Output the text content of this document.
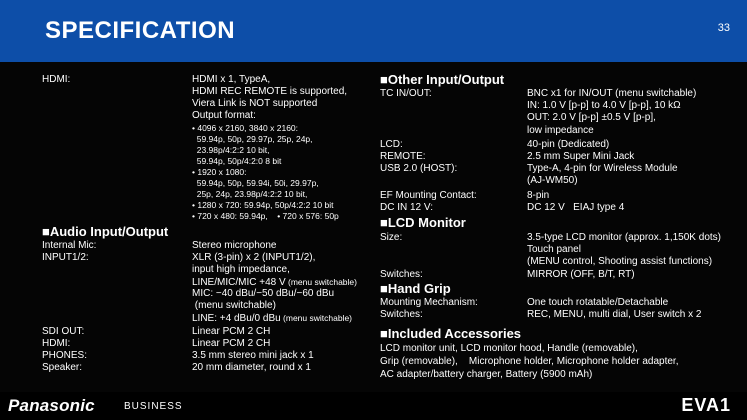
SPECIFICATION	33
HDMI:	HDMI x 1, TypeA,
HDMI REC REMOTE is supported,
Viera Link is NOT supported
Output format:
• 4096 x 2160, 3840 x 2160:
59.94p, 50p, 29.97p, 25p, 24p,
23.98p/4:2:2 10 bit,
59.94p, 50p/4:2:0 8 bit
• 1920 x 1080:
59.94p, 50p, 59.94i, 50i, 29.97p,
25p, 24p, 23.98p/4:2:2 10 bit,
• 1280 x 720: 59.94p, 50p/4:2:2 10 bit
• 720 x 480: 59.94p,    • 720 x 576: 50p
■Audio Input/Output
Internal Mic:	Stereo microphone
INPUT1/2:	XLR (3-pin) x 2 (INPUT1/2),
input high impedance,
LINE/MIC/MIC +48 V (menu switchable)
MIC: −40 dBu/−50 dBu/−60 dBu
(menu switchable)
LINE: +4 dBu/0 dBu (menu switchable)
SDI OUT:	Linear PCM 2 CH
HDMI:	Linear PCM 2 CH
PHONES:	3.5 mm stereo mini jack x 1
Speaker:	20 mm diameter, round x 1
■Other Input/Output
TC IN/OUT:	BNC x1 for IN/OUT (menu switchable)
IN: 1.0 V [p-p] to 4.0 V [p-p], 10 kΩ
OUT: 2.0 V [p-p] ±0.5 V [p-p],
low impedance
LCD:	40-pin (Dedicated)
REMOTE:	2.5 mm Super Mini Jack
USB 2.0 (HOST):	Type-A, 4-pin for Wireless Module
(AJ-WM50)
EF Mounting Contact:	8-pin
DC IN 12 V:	DC 12 V   EIAJ type 4
■LCD Monitor
Size:	3.5-type LCD monitor (approx. 1,150K dots)
Touch panel
(MENU control, Shooting assist functions)
Switches:	MIRROR (OFF, B/T, RT)
■Hand Grip
Mounting Mechanism:	One touch rotatable/Detachable
Switches:	REC, MENU, multi dial, User switch x 2
■Included Accessories
LCD monitor unit, LCD monitor hood, Handle (removable),
Grip (removable),    Microphone holder, Microphone holder adapter,
AC adapter/battery charger, Battery (5900 mAh)
Panasonic	BUSINESS	EVA1
